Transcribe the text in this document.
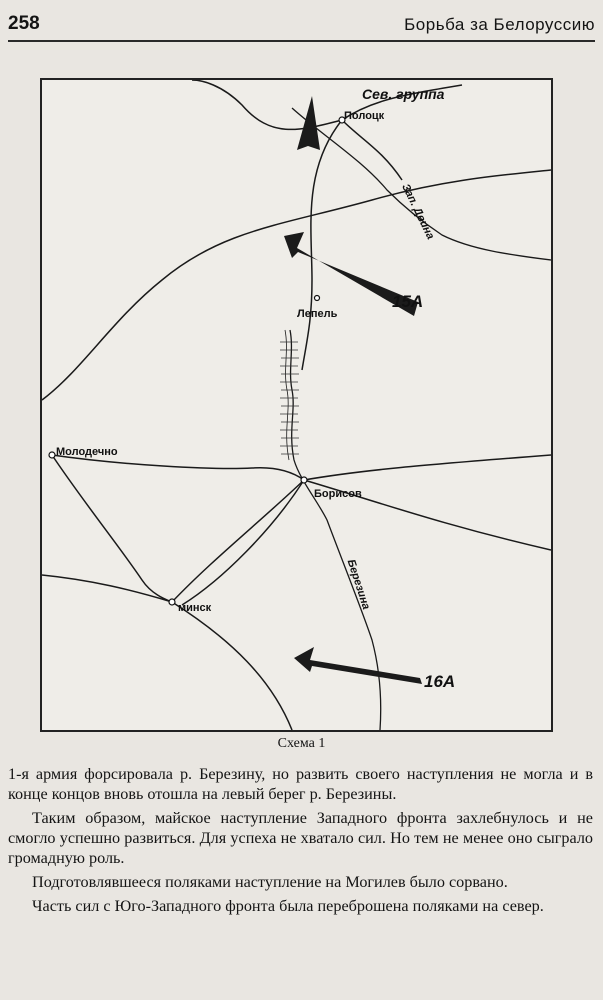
258	Борьба за Белоруссию
Сев. группа
15А
16А
Полоцк
Лепель
Молодечно
Борисов
минск
Зап. Двина
Березина
Схема 1

1-я армия форсировала р. Березину, но развить своего наступления не могла и в конце концов вновь отошла на левый берег р. Березины.

Таким образом, майское наступление Западного фронта захлебнулось и не смогло успешно развиться. Для успеха не хватало сил. Но тем не менее оно сыграло громадную роль.

Подготовлявшееся поляками наступление на Могилев было сорвано.

Часть сил с Юго-Западного фронта была переброшена поляками на север.
